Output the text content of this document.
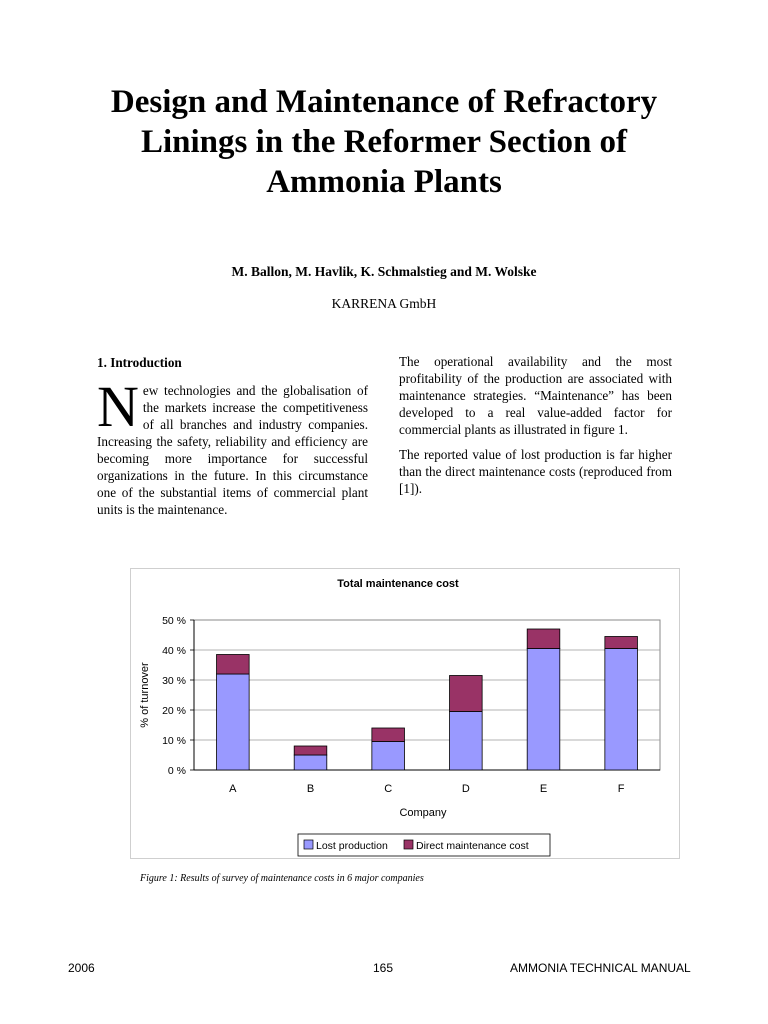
Design and Maintenance of Refractory
Linings in the Reformer Section of
Ammonia Plants
M. Ballon, M. Havlik, K. Schmalstieg and M. Wolske
KARRENA GmbH
1. Introduction

New technologies and the globalisation of the markets increase the competitiveness of all branches and industry companies. Increasing the safety, reliability and efficiency are becoming more importance for successful organizations in the future. In this circumstance one of the substantial items of commercial plant units is the maintenance.

The operational availability and the most profitability of the production are associated with maintenance strategies. “Maintenance” has been developed to a real value-added factor for commercial plants as illustrated in figure 1.

The reported value of lost production is far higher than the direct maintenance costs (reproduced from [1]).

Total maintenance cost
0 %
10 %
20 %
30 %
40 %
50 %
% of turnover
A	B	C	D	E	F
Company
Lost production	Direct maintenance cost
Figure 1: Results of survey of maintenance costs in 6 major companies
2006	165	AMMONIA TECHNICAL MANUAL
